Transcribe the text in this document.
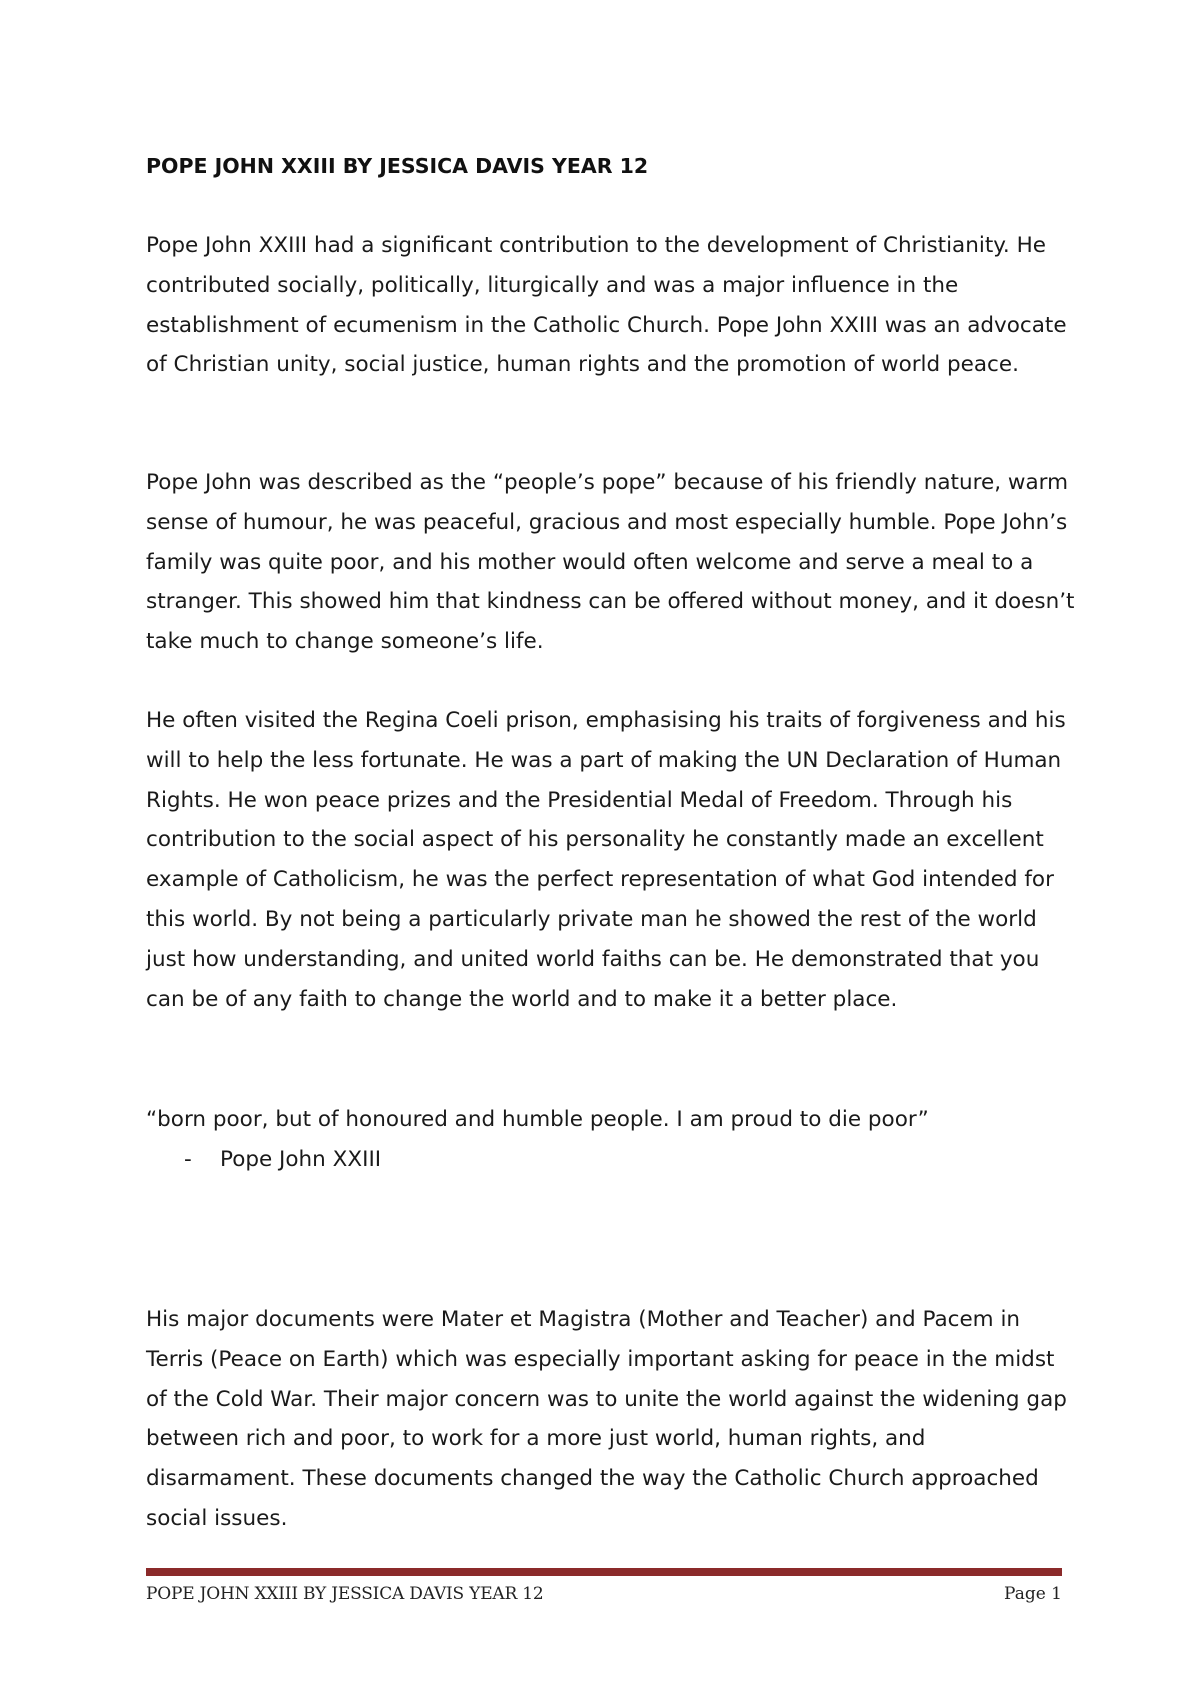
POPE JOHN XXIII BY JESSICA DAVIS YEAR 12

Pope John XXIII had a significant contribution to the development of Christianity. He contributed socially, politically, liturgically and was a major influence in the establishment of ecumenism in the Catholic Church. Pope John XXIII was an advocate of Christian unity, social justice, human rights and the promotion of world peace.

Pope John was described as the “people’s pope” because of his friendly nature, warm sense of humour, he was peaceful, gracious and most especially humble. Pope John’s family was quite poor, and his mother would often welcome and serve a meal to a stranger. This showed him that kindness can be offered without money, and it doesn’t take much to change someone’s life.

He often visited the Regina Coeli prison, emphasising his traits of forgiveness and his will to help the less fortunate. He was a part of making the UN Declaration of Human Rights. He won peace prizes and the Presidential Medal of Freedom. Through his contribution to the social aspect of his personality he constantly made an excellent example of Catholicism, he was the perfect representation of what God intended for this world. By not being a particularly private man he showed the rest of the world just how understanding, and united world faiths can be. He demonstrated that you can be of any faith to change the world and to make it a better place.

“born poor, but of honoured and humble people. I am proud to die poor”

-	Pope John XXIII

His major documents were Mater et Magistra (Mother and Teacher) and Pacem in Terris (Peace on Earth) which was especially important asking for peace in the midst of the Cold War. Their major concern was to unite the world against the widening gap between rich and poor, to work for a more just world, human rights, and disarmament. These documents changed the way the Catholic Church approached social issues.

POPE JOHN XXIII BY JESSICA DAVIS YEAR 12	Page 1
